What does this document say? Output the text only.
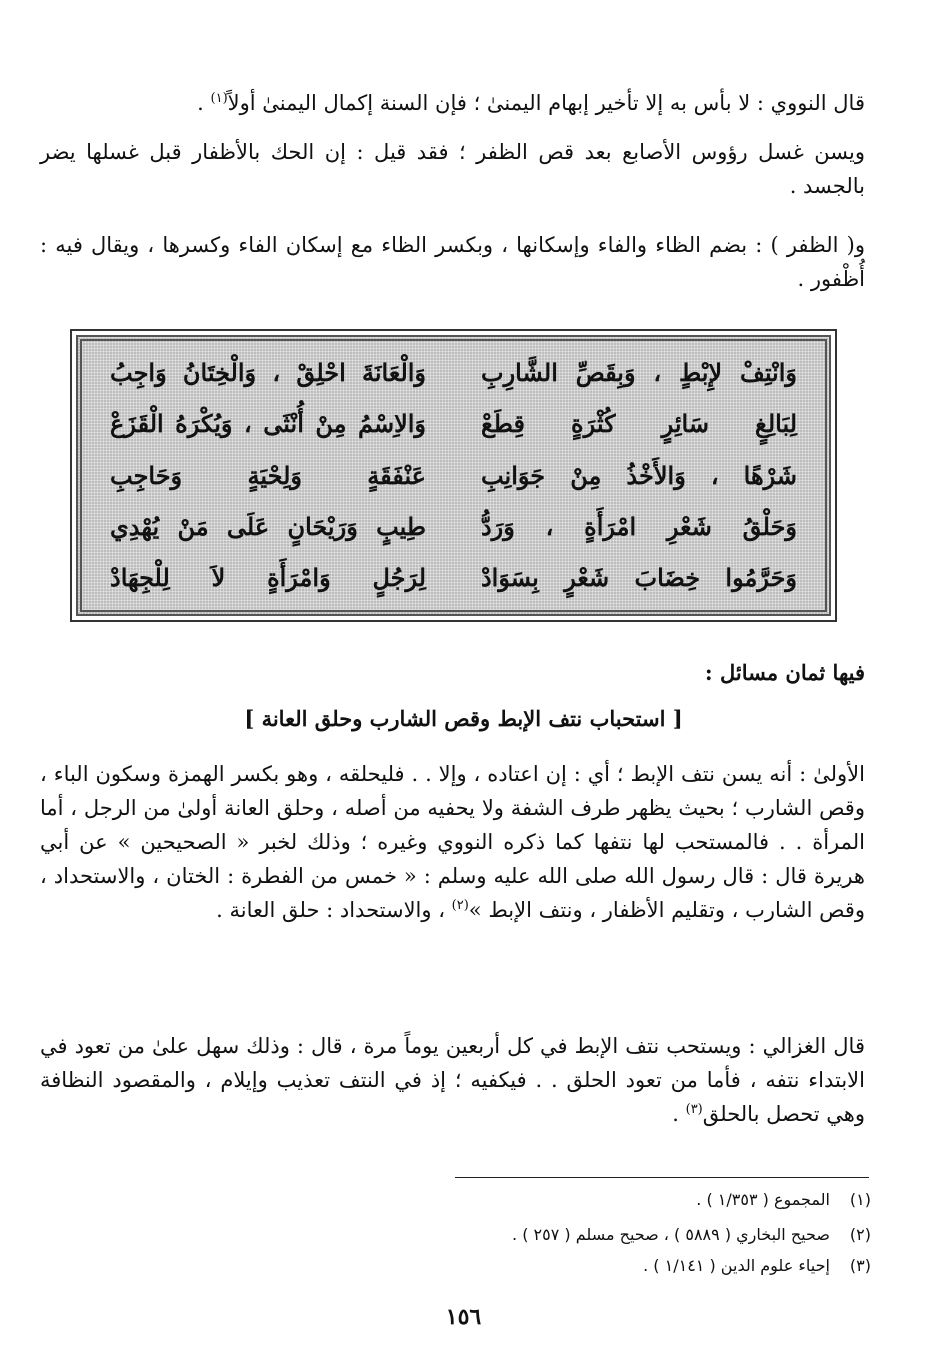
قال النووي : لا بأس به إلا تأخير إبهام اليمنىٰ ؛ فإن السنة إكمال اليمنىٰ أولاً$^{(١)}$ .

ويسن غسل رؤوس الأصابع بعد قص الظفر ؛ فقد قيل : إن الحك بالأظفار قبل غسلها يضر بالجسد .

و( الظفر ) : بضم الظاء والفاء وإسكانها ، وبكسر الظاء مع إسكان الفاء وكسرها ، ويقال فيه : أُظْفور .

وَانْتِفْ لإِبْطٍ ، وَبِقَصِّ الشَّارِبِ
وَالْعَانَةَ احْلِقْ ، وَالْخِتَانُ وَاجِبُ
لِبَالِغٍ سَائِرٍ كُثْرَةٍ قِطَعْ
وَالاِسْمُ مِنْ أُنْثَى ، وَيُكْرَهُ الْقَزَعْ
شَرْهًا ، وَالأَخْذُ مِنْ جَوَانِبِ
عَنْفَقَةٍ وَلِحْيَةٍ وَحَاجِبِ
وَحَلْقُ شَعْرِ امْرَأَةٍ ، وَرَدُّ
طِيبٍ وَرَيْحَانٍ عَلَى مَنْ يُهْدِي
وَحَرَّمُوا خِضَابَ شَعْرٍ بِسَوَادْ
لِرَجُلٍ وَامْرَأَةٍ لاَ لِلْجِهَادْ
فيها ثمان مسائل :
[ استحباب نتف الإبط وقص الشارب وحلق العانة ]

الأولىٰ : أنه يسن نتف الإبط ؛ أي : إن اعتاده ، وإلا . . فليحلقه ، وهو بكسر الهمزة وسكون الباء ، وقص الشارب ؛ بحيث يظهر طرف الشفة ولا يحفيه من أصله ، وحلق العانة أولىٰ من الرجل ، أما المرأة . . فالمستحب لها نتفها كما ذكره النووي وغيره ؛ وذلك لخبر « الصحيحين » عن أبي هريرة قال : قال رسول الله صلى الله عليه وسلم : « خمس من الفطرة : الختان ، والاستحداد ، وقص الشارب ، وتقليم الأظفار ، ونتف الإبط »$^{(٢)}$ ، والاستحداد : حلق العانة .

قال الغزالي : ويستحب نتف الإبط في كل أربعين يوماً مرة ، قال : وذلك سهل علىٰ من تعود في الابتداء نتفه ، فأما من تعود الحلق . . فيكفيه ؛ إذ في النتف تعذيب وإيلام ، والمقصود النظافة وهي تحصل بالحلق$^{(٣)}$ .

(١) المجموع ( ١/٣٥٣ ) .
(٢) صحيح البخاري ( ٥٨٨٩ ) ، صحيح مسلم ( ٢٥٧ ) .
(٣) إحياء علوم الدين ( ١/١٤١ ) .
١٥٦
